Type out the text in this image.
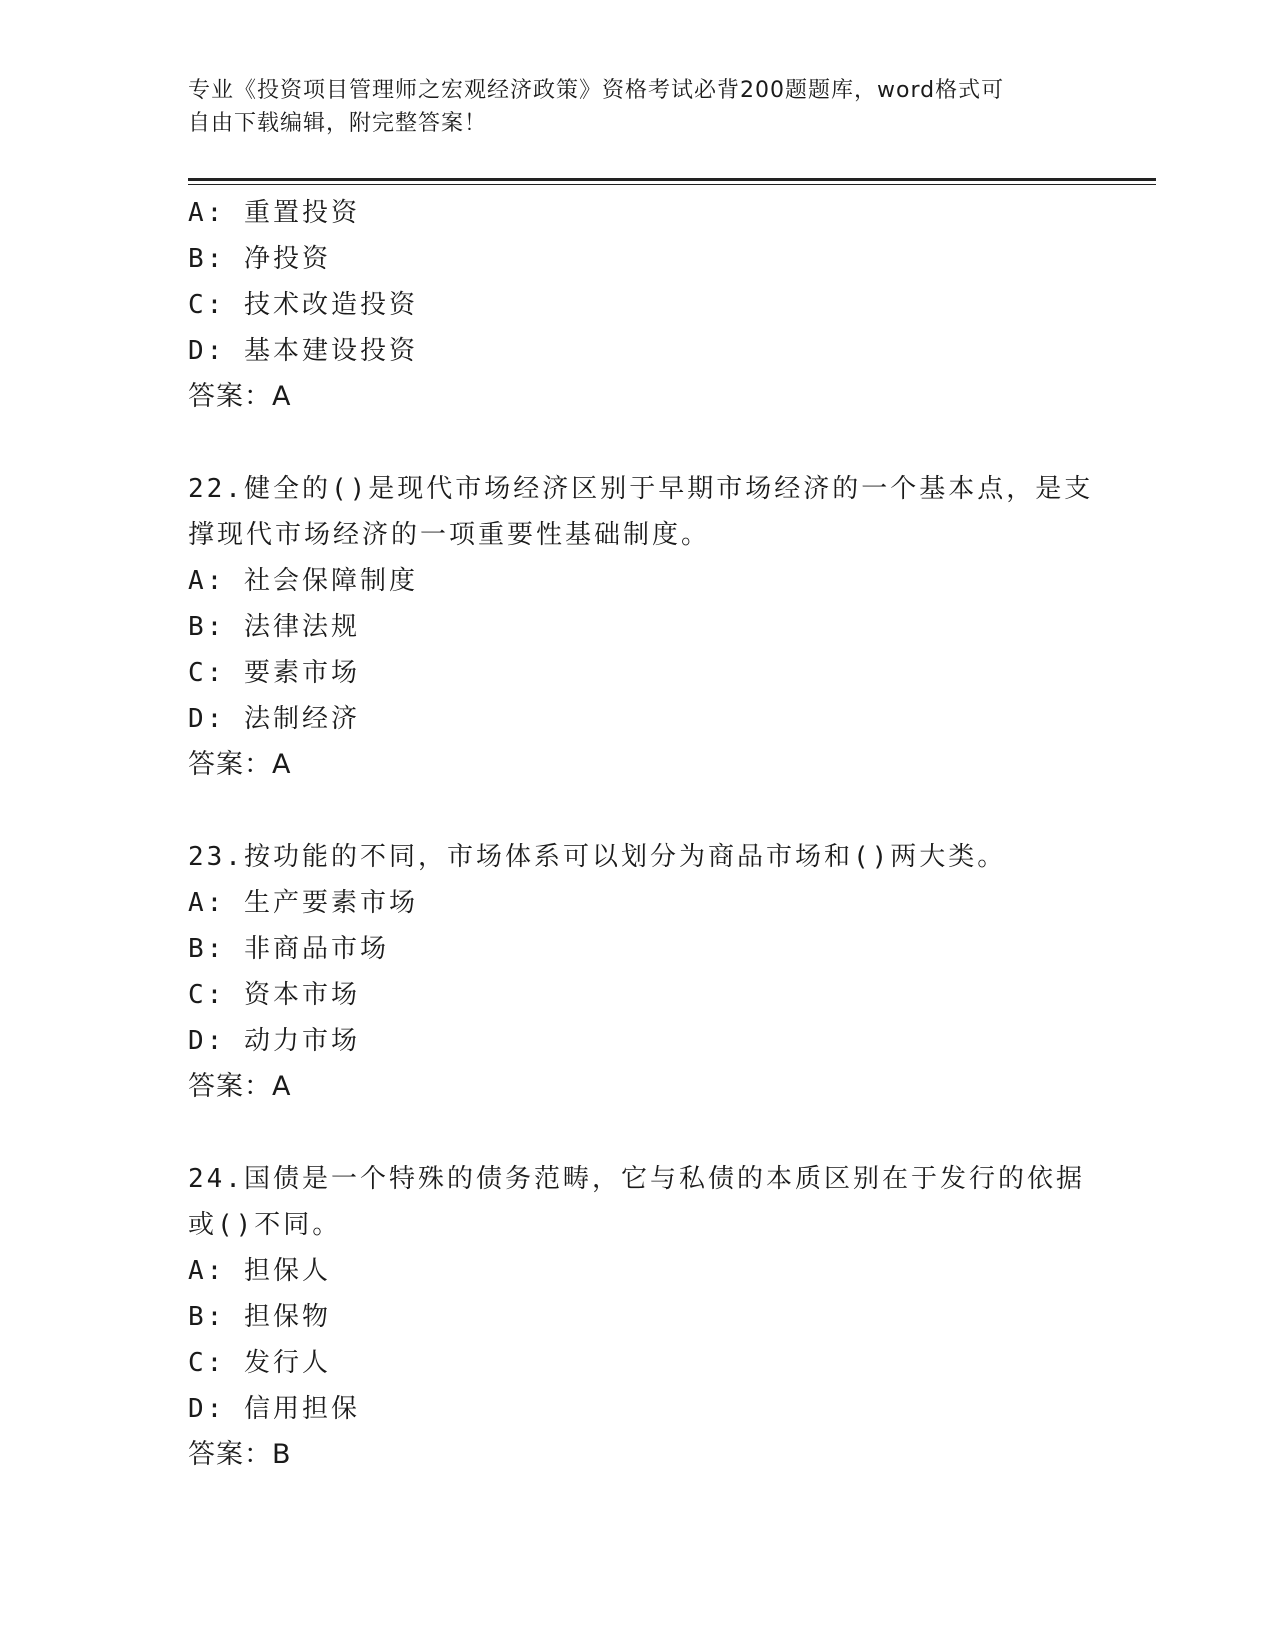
专业《投资项目管理师之宏观经济政策》资格考试必背200题题库，word格式可
自由下载编辑，附完整答案！
A: 重置投资
B: 净投资
C: 技术改造投资
D: 基本建设投资
答案：A
22.健全的()是现代市场经济区别于早期市场经济的一个基本点，是支
撑现代市场经济的一项重要性基础制度。
A: 社会保障制度
B: 法律法规
C: 要素市场
D: 法制经济
答案：A
23.按功能的不同，市场体系可以划分为商品市场和()两大类。
A: 生产要素市场
B: 非商品市场
C: 资本市场
D: 动力市场
答案：A
24.国债是一个特殊的债务范畴，它与私债的本质区别在于发行的依据
或()不同。
A: 担保人
B: 担保物
C: 发行人
D: 信用担保
答案：B
